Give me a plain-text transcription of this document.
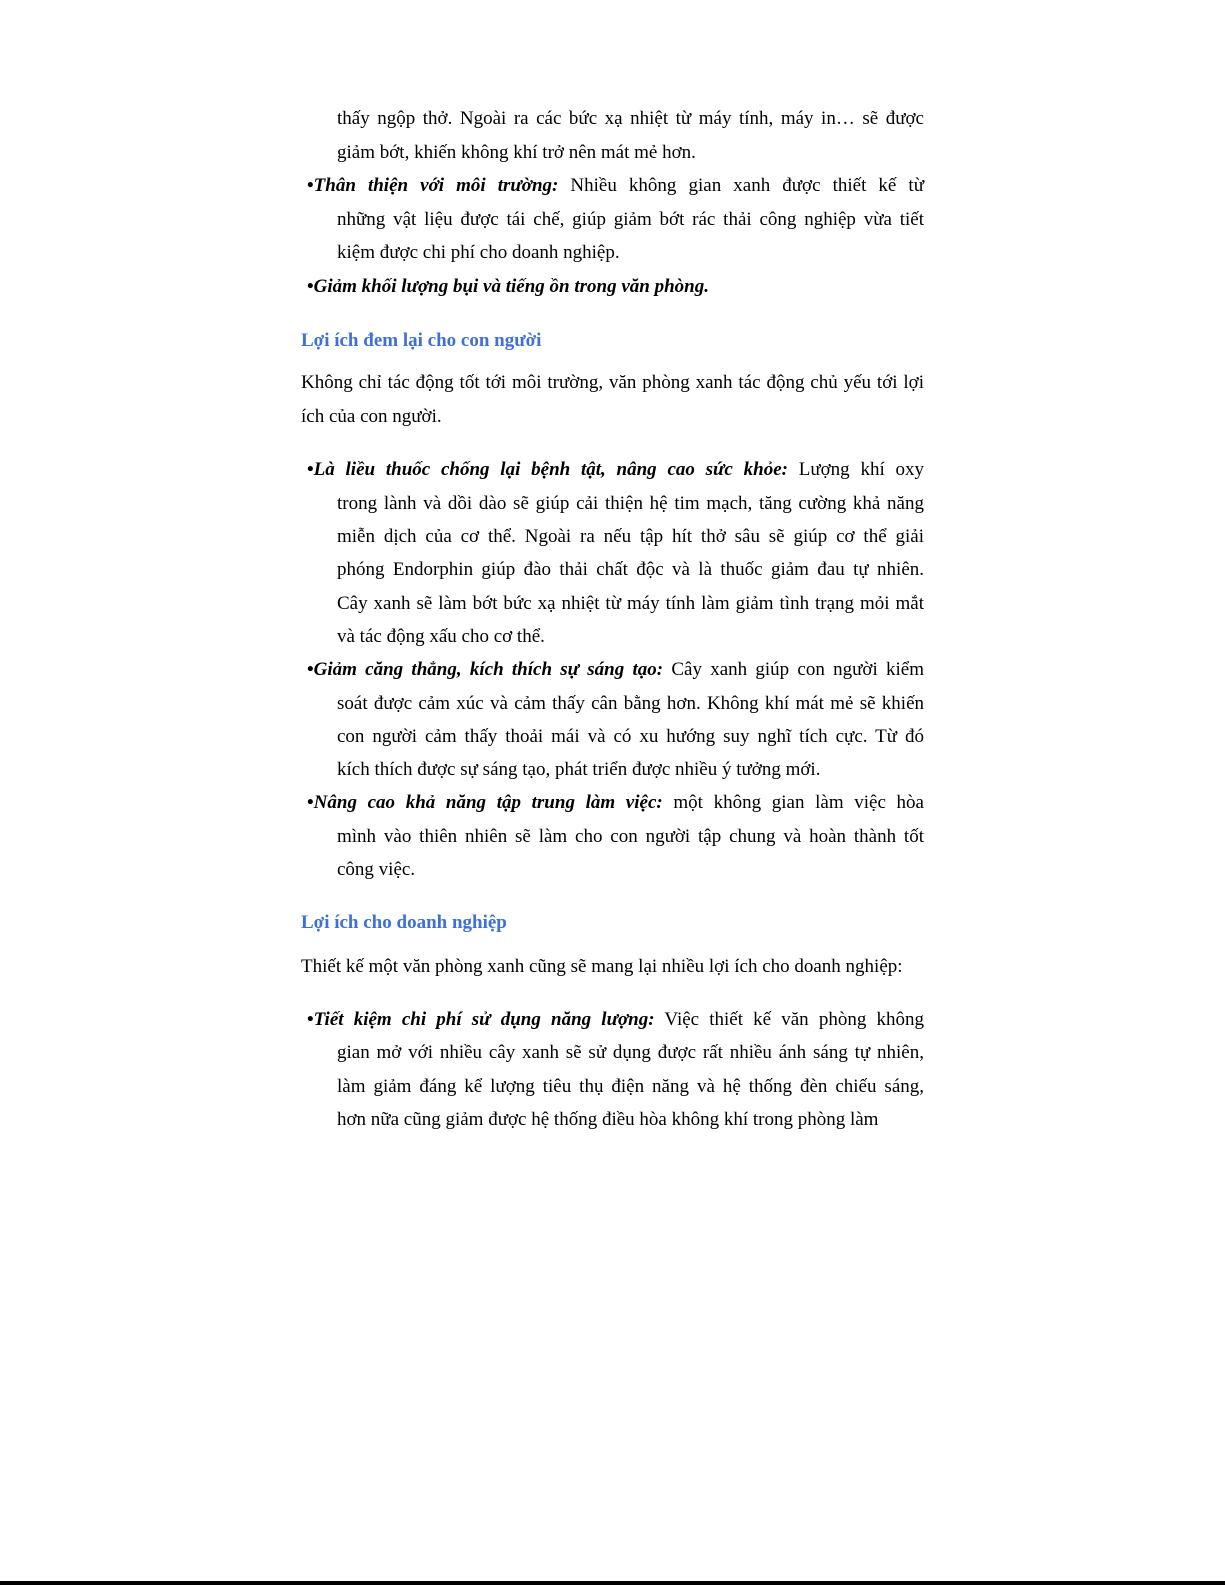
thấy ngộp thở. Ngoài ra các bức xạ nhiệt từ máy tính, máy in… sẽ được
giảm bớt, khiến không khí trở nên mát mẻ hơn.
•Thân thiện với môi trường: Nhiều không gian xanh được thiết kế từ
những vật liệu được tái chế, giúp giảm bớt rác thải công nghiệp vừa tiết
kiệm được chi phí cho doanh nghiệp.
•Giảm khối lượng bụi và tiếng ồn trong văn phòng.
Lợi ích đem lại cho con người
Không chỉ tác động tốt tới môi trường, văn phòng xanh tác động chủ yếu tới lợi
ích của con người.
•Là liều thuốc chống lại bệnh tật, nâng cao sức khỏe: Lượng khí oxy
trong lành và dồi dào sẽ giúp cải thiện hệ tim mạch, tăng cường khả năng
miễn dịch của cơ thể. Ngoài ra nếu tập hít thở sâu sẽ giúp cơ thể giải
phóng Endorphin giúp đào thải chất độc và là thuốc giảm đau tự nhiên.
Cây xanh sẽ làm bớt bức xạ nhiệt từ máy tính làm giảm tình trạng mỏi mắt
và tác động xấu cho cơ thể.
•Giảm căng thẳng, kích thích sự sáng tạo: Cây xanh giúp con người kiểm
soát được cảm xúc và cảm thấy cân bằng hơn. Không khí mát mẻ sẽ khiến
con người cảm thấy thoải mái và có xu hướng suy nghĩ tích cực. Từ đó
kích thích được sự sáng tạo, phát triển được nhiều ý tưởng mới.
•Nâng cao khả năng tập trung làm việc: một không gian làm việc hòa
mình vào thiên nhiên sẽ làm cho con người tập chung và hoàn thành tốt
công việc.
Lợi ích cho doanh nghiệp
Thiết kế một văn phòng xanh cũng sẽ mang lại nhiều lợi ích cho doanh nghiệp:
•Tiết kiệm chi phí sử dụng năng lượng: Việc thiết kế văn phòng không
gian mở với nhiều cây xanh sẽ sử dụng được rất nhiều ánh sáng tự nhiên,
làm giảm đáng kể lượng tiêu thụ điện năng và hệ thống đèn chiếu sáng,
hơn nữa cũng giảm được hệ thống điều hòa không khí trong phòng làm
